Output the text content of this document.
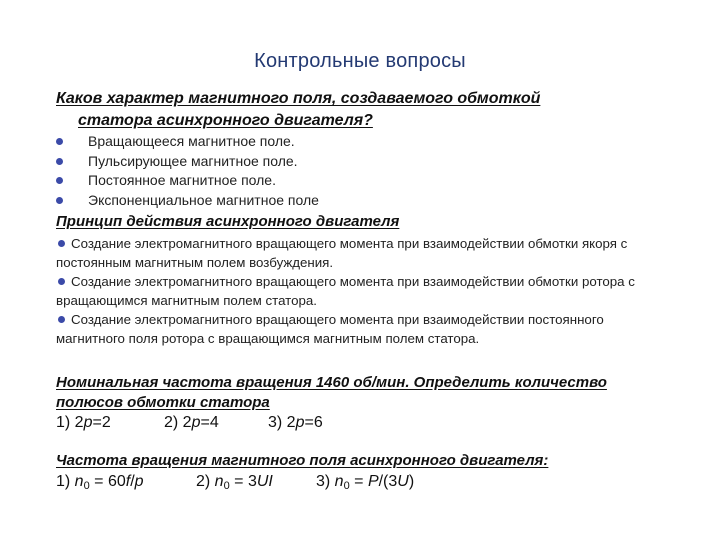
Контрольные вопросы
Каков характер магнитного поля, создаваемого обмоткой
статора асинхронного двигателя?
Вращающееся магнитное поле.
Пульсирующее магнитное поле.
Постоянное магнитное поле.
Экспоненциальное магнитное поле
Принцип действия асинхронного двигателя

Создание электромагнитного вращающего момента при взаимодействии обмотки якоря с постоянным магнитным полем возбуждения.

Создание электромагнитного вращающего момента при взаимодействии обмотки ротора с вращающимся магнитным полем статора.

Создание электромагнитного вращающего момента при взаимодействии постоянного магнитного поля ротора с вращающимся магнитным полем статора.

Номинальная частота вращения 1460 об/мин. Определить количество
полюсов обмотки статора
1) 2p=2	2) 2p=4	3) 2p=6
Частота вращения магнитного поля асинхронного двигателя:
1) $n_0 = 60f/p$	2) $n_0 = 3UI$	3) $n_0 = P/(3U)$
